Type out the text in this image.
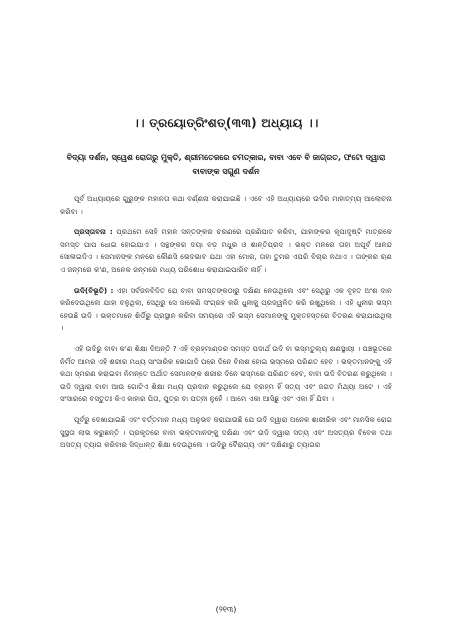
।। ତ୍ରୟୋତ୍ରିଂଶତ୍(୩୩) ଅଧ୍ୟାୟ ।।
ବିଦ୍ୟା ଦର୍ଶନ, ସ୍ୱେଶ ରୋଗରୁ ମୁକ୍ତି, ଶ୍ରୀମତେଜରେ ଚମତ୍କାର, ବାବା ଏବେ ବି ଜାଗ୍ରତ, ଫଟୋ ଦ୍ୱାରା ବାବାଙ୍କ ସଗୁଣ ଦର୍ଶନ
ପୂର୍ବ ଅଧ୍ୟାୟରେ ଗୁରୁଙ୍କ ମହାନତା କଥା ବର୍ଣ୍ଣନା କରାଯାଇଛି । ଏବେ ଏହି ଅଧ୍ୟାୟରେ ଉଦିର ମାହାତ୍ମ୍ୟ ଆଲୋଚନା କରିବା ।
ପ୍ରସ୍ତାବନା : ପ୍ରଥମେ ସେହି ମହାନ ସନ୍ତଙ୍କର ଚରଣରେ ପ୍ରଣିପାତ କରିବା, ଯାହାଙ୍କର କୃପାଦୃଷ୍ଟି ମାତ୍ରକେ ସମସ୍ତ ପାପ ଧୋଇ ହୋଇଯାଏ । ସନ୍ଥଙ୍କର ଦୟା ବଡ଼ ମଧୁର ଓ ଶାନ୍ତିପ୍ରଦ । ଭକ୍ତ ମନରେ ତାହା ଅପୂର୍ବ ଆନନ୍ଦ ସୋଳାଇଦିଏ । ସେମାନଙ୍କ ମନରେ କୌଣସି ଭେଦଭାବ ଯଥା ଏହା ମୋର, ତାହା ତୁମର ଏପରି ବିଚାର ନଥାଏ । ତାଙ୍କର ଋଣ ଏ ଜନ୍ମରେ କ'ଣ, ଅନେକ ଜନ୍ମରେ ମଧ୍ୟ ପରିଶୋଧ କରାଯାଇପାରିବ ନାହିଁ ।
ଉଦି(ବିଭୂତି) : ଏହା ସର୍ବଜନବିଦିତ ଯେ ବାବା ସମସ୍ତଙ୍କଠାରୁ ଦକ୍ଷିଣା ନେଉଥିଲେ ଏବଂ ସେଥିରୁ ଏକ ବୃହତ ଅଂଶ ଦାନ କରିଦେଉଥିଲେ ଯାହା ବଳୁଥିଲା, ସେଥିରୁ ସେ ଜାଳେଣି ସଂଗ୍ରହ କରି ଧୁନୀକୁ ପ୍ରଜ୍ୱଳିତ କରି ରଖୁଥିଲେ । ଏହି ଧୁନୀର ଭସ୍ମ ହେଉଛି ଉଦି । ଭକ୍ତମାନେ ଶିର୍ଡିରୁ ପ୍ରସ୍ଥାନ କରିବା ସମୟରେ ଏହି ଭସ୍ମ ସେମାନଙ୍କୁ ମୁକ୍ତହସ୍ତରେ ବିତରଣ କରାଯାଉଥିଲା ।
ଏହି ଉଦିରୁ ବାବା କ'ଣ ଶିକ୍ଷା ଦିଅନ୍ତି ? ଏହି ବ୍ରହ୍ମାଣ୍ଡର ସମସ୍ତ ପଦାର୍ଥ ଉଦି ବା ଭସ୍ମତୁଲ୍ୟ କ୍ଷଣସ୍ଥାୟୀ । ପଞ୍ଚଭୂତରେ ନିର୍ମିତ ଆମର ଏହି ଶରୀର ମଧ୍ୟ ସାଂସାରିକ ଭୋଗାଦି ପରେ ଦିନେ ବିନାଶ ହୋଇ ଭସ୍ମରେ ପରିଣତ ହେବ । ଭକ୍ତମାନଙ୍କୁ ଏହି କଥା ସ୍ମରଣ କରାଇବା ନିମନ୍ତେ ଅର୍ଥାତ ସେମାନଙ୍କ ଶରୀର ଦିନେ ଭସ୍ମରେ ପରିଣତ ହେବ, ବାବା ଉଦି ବିତରଣ କରୁଥିଲେ । ଉଦି ଦ୍ୱାରା ବାବା ଆଉ ଗୋଟିଏ ଶିକ୍ଷା ମଧ୍ୟ ପ୍ରଦାନ କରୁଥିଲେ ଯେ ବ୍ରହ୍ମ ହିଁ ସତ୍ୟ ଏବଂ ଜଗତ ମିଥ୍ୟା ଅଟେ । ଏହି ସଂସାରରେ ବସ୍ତୁତଃ କିଏ କାହାର ପିତା, ପୁତ୍ର ବା ପତ୍ନୀ ନୁହେଁ । ଆମେ ଏକା ଆସିଛୁ ଏବଂ ଏକା ହିଁ ଯିବା ।
ପୂର୍ବରୁ ଦେଖାଯାଇଛି ଏବଂ ବର୍ତ୍ତମାନ ମଧ୍ୟ ଅନୁଭବ କରାଯାଉଛି ଯେ ଉଦି ଦ୍ୱାରା ଅନେକ ଶାରୀରିକ ଏବଂ ମାନସିକ ରୋଗ ସୁସ୍ଥତା ଲାଭ କରୁଛନ୍ତି । ପ୍ରକୃତରେ ବାବା ଭକ୍ତମାନଙ୍କୁ ଦକ୍ଷିଣା ଏବଂ ଉଦି ଦ୍ୱାରା ସତ୍ୟ ଏବଂ ଅସତ୍ୟର ବିବେକ ତଥା ଅସତ୍ୟ ତ୍ୟାଗ କରିବାର ସିଦ୍ଧାନ୍ତ ଶିକ୍ଷା ଦେଉଥିଲେ । ଉଦିରୁ ବୈରାଗ୍ୟ ଏବଂ ଦକ୍ଷିଣାରୁ ତ୍ୟାଗର
(୨୧୩)
